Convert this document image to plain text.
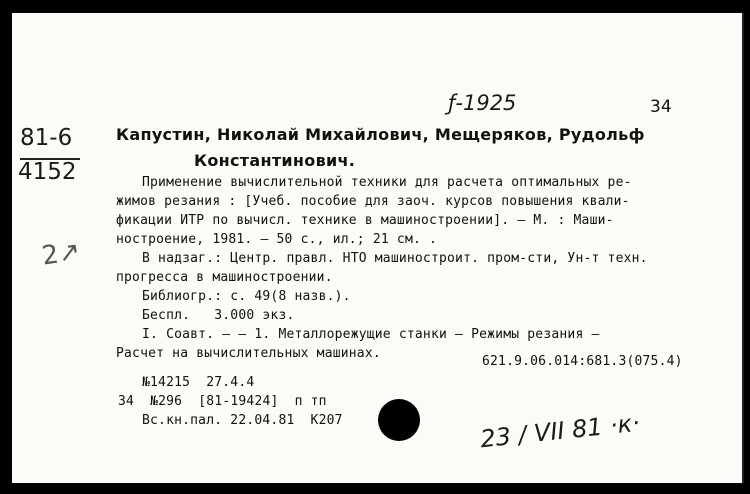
81-6
4152
ƒ-1925
2↗
34
Капустин, Николай Михайлович, Мещеряков, Рудольф
Константинович.
Применение вычислительной техники для расчета оптимальных ре-
жимов резания : [Учеб. пособие для заоч. курсов повышения квали-
фикации ИТР по вычисл. технике в машиностроении]. — М. : Маши-
ностроение, 1981. — 50 с., ил.; 21 см. .
В надзаг.: Центр. правл. НТО машиностроит. пром-сти, Ун-т техн.
прогресса в машиностроении.
Библиогр.: с. 49(8 назв.).
Беспл.   3.000 экз.
I. Соавт. — — 1. Металлорежущие станки — Режимы резания —
Расчет на вычислительных машинах.
621.9.06.014:681.3(075.4)
№14215  27.4.4
34  №296  [81-19424]  п тп
Вс.кн.пал. 22.04.81  К207	23 / VII 81 ·к·
